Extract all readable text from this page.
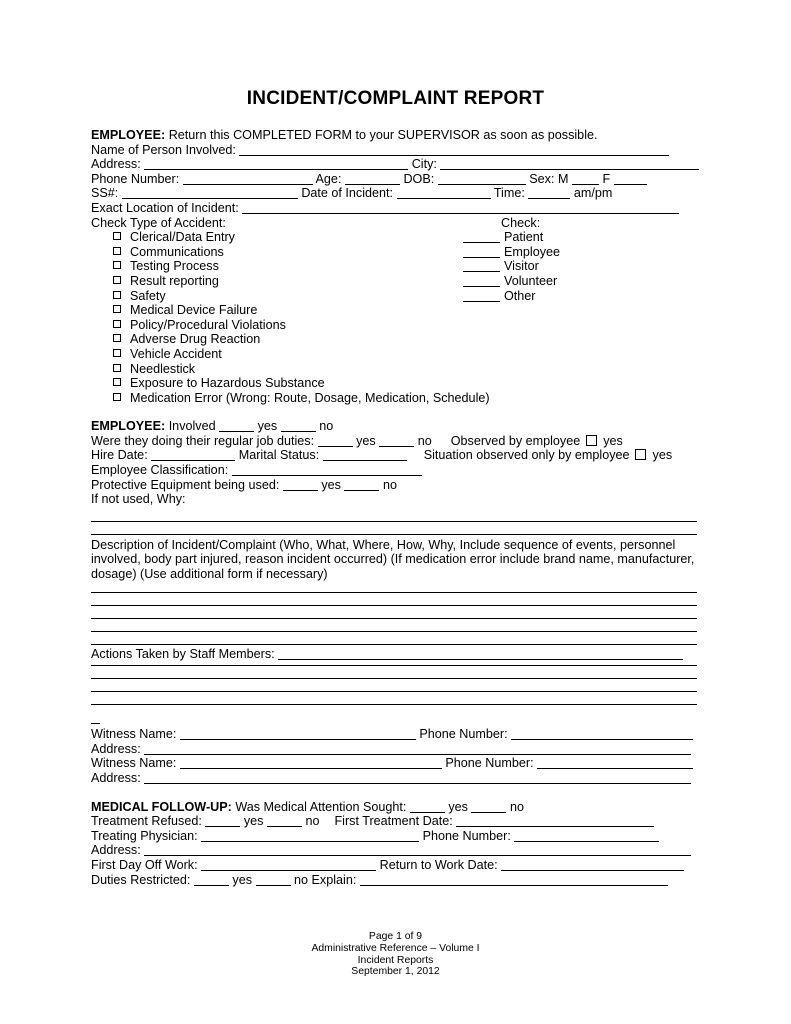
INCIDENT/COMPLAINT REPORT
EMPLOYEE: Return this COMPLETED FORM to your SUPERVISOR as soon as possible.
Name of Person Involved:
Address:	City:
Phone Number:	Age:	DOB:	Sex: M	F
SS#:	Date of Incident:	Time:	am/pm
Exact Location of Incident:
Check Type of Accident:	Check:
Patient
Employee
Visitor
Volunteer
Other
Clerical/Data Entry
Communications
Testing Process
Result reporting
Safety
Medical Device Failure
Policy/Procedural Violations
Adverse Drug Reaction
Vehicle Accident
Needlestick
Exposure to Hazardous Substance
Medication Error (Wrong: Route, Dosage, Medication, Schedule)
EMPLOYEE: Involved	yes	no
Were they doing their regular job duties:	yes	no Observed by employee yes
Hire Date:	Marital Status:	Situation observed only by employee yes
Employee Classification:
Protective Equipment being used:	yes	no
If not used, Why:
Description of Incident/Complaint (Who, What, Where, How, Why, Include sequence of events, personnel involved, body part injured, reason incident occurred) (If medication error include brand name, manufacturer, dosage) (Use additional form if necessary)
Actions Taken by Staff Members:
Witness Name:	Phone Number:
Address:
Witness Name:	Phone Number:
Address:
MEDICAL FOLLOW-UP: Was Medical Attention Sought:	yes	no
Treatment Refused:	yes	no First Treatment Date:
Treating Physician:	Phone Number:
Address:
First Day Off Work:	Return to Work Date:
Duties Restricted:	yes	no Explain:
Page 1 of 9
Administrative Reference – Volume I
Incident Reports
September 1, 2012
